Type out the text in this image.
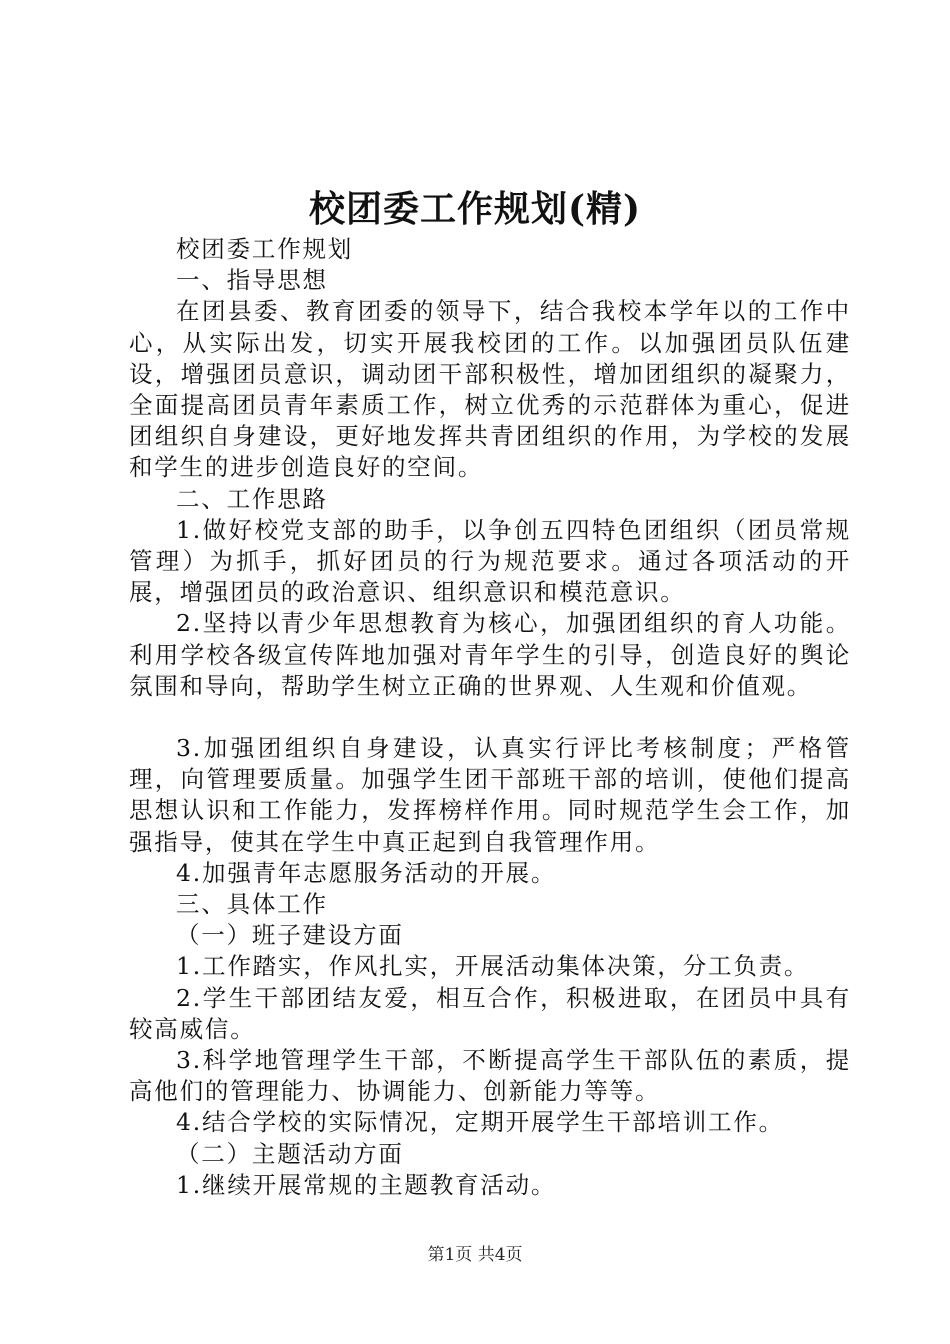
校团委工作规划(精)

校团委工作规划

一、指导思想

在团县委、教育团委的领导下，结合我校本学年以的工作中心，从实际出发，切实开展我校团的工作。以加强团员队伍建设，增强团员意识，调动团干部积极性，增加团组织的凝聚力，全面提高团员青年素质工作，树立优秀的示范群体为重心，促进团组织自身建设，更好地发挥共青团组织的作用，为学校的发展和学生的进步创造良好的空间。

二、工作思路

1.做好校党支部的助手，以争创五四特色团组织（团员常规管理）为抓手，抓好团员的行为规范要求。通过各项活动的开展，增强团员的政治意识、组织意识和模范意识。

2.坚持以青少年思想教育为核心，加强团组织的育人功能。利用学校各级宣传阵地加强对青年学生的引导，创造良好的舆论氛围和导向，帮助学生树立正确的世界观、人生观和价值观。

3.加强团组织自身建设，认真实行评比考核制度；严格管理，向管理要质量。加强学生团干部班干部的培训，使他们提高思想认识和工作能力，发挥榜样作用。同时规范学生会工作，加强指导，使其在学生中真正起到自我管理作用。

4.加强青年志愿服务活动的开展。

三、具体工作

（一）班子建设方面

1.工作踏实，作风扎实，开展活动集体决策，分工负责。

2.学生干部团结友爱，相互合作，积极进取，在团员中具有较高威信。

3.科学地管理学生干部，不断提高学生干部队伍的素质，提高他们的管理能力、协调能力、创新能力等等。

4.结合学校的实际情况，定期开展学生干部培训工作。

（二）主题活动方面

1.继续开展常规的主题教育活动。

第1页 共4页
